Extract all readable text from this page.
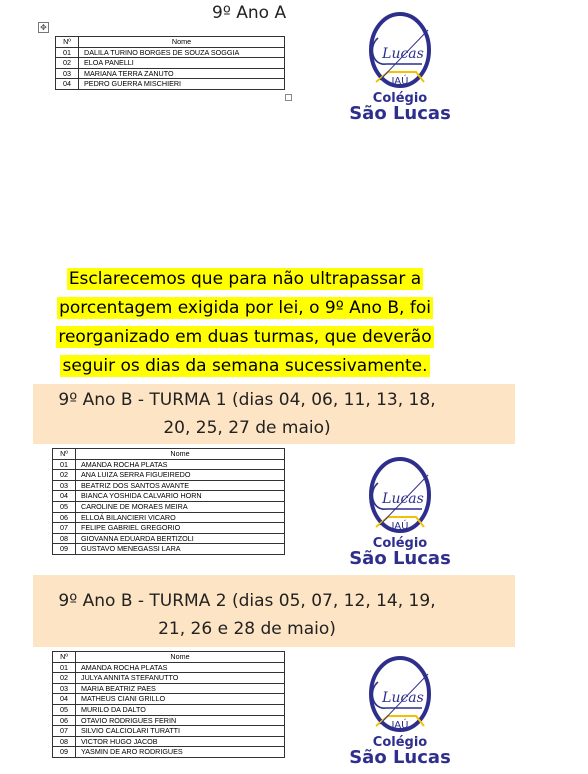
9º Ano A
✥
Nº	Nome
01	DALILA TURINO BORGES DE SOUZA SOGGIA
02	ELOA PANELLI
03	MARIANA TERRA ZANUTO
04	PEDRO GUERRA MISCHIERI
Lucas
JAÚ
Colégio
São Lucas
Esclarecemos que para não ultrapassar a
porcentagem exigida por lei, o 9º Ano B, foi
reorganizado em duas turmas, que deverão
seguir os dias da semana sucessivamente.
9º Ano B - TURMA 1 (dias 04, 06, 11, 13, 18,
20, 25, 27 de maio)
Nº	Nome
01	AMANDA ROCHA PLATAS
02	ANA LUIZA SERRA FIGUEIREDO
03	BEATRIZ DOS SANTOS AVANTE
04	BIANCA YOSHIDA CALVARIO HORN
05	CAROLINE DE MORAES MEIRA
06	ELLOÁ BILANCIERI VICARO
07	FELIPE GABRIEL GREGORIO
08	GIOVANNA EDUARDA BERTIZOLI
09	GUSTAVO MENEGASSI LARA
Lucas
JAÚ
Colégio
São Lucas
9º Ano B - TURMA 2 (dias 05, 07, 12, 14, 19,
21, 26 e 28 de maio)
Nº	Nome
01	AMANDA ROCHA PLATAS
02	JULYA ANNITA STEFANUTTO
03	MARIA BEATRIZ PAES
04	MATHEUS CIANI GRILLO
05	MURILO DA DALTO
06	OTAVIO RODRIGUES FERIN
07	SILVIO CALCIOLARI TURATTI
08	VICTOR HUGO JACOB
09	YASMIN DE ARO RODRIGUES
Lucas
JAÚ
Colégio
São Lucas
